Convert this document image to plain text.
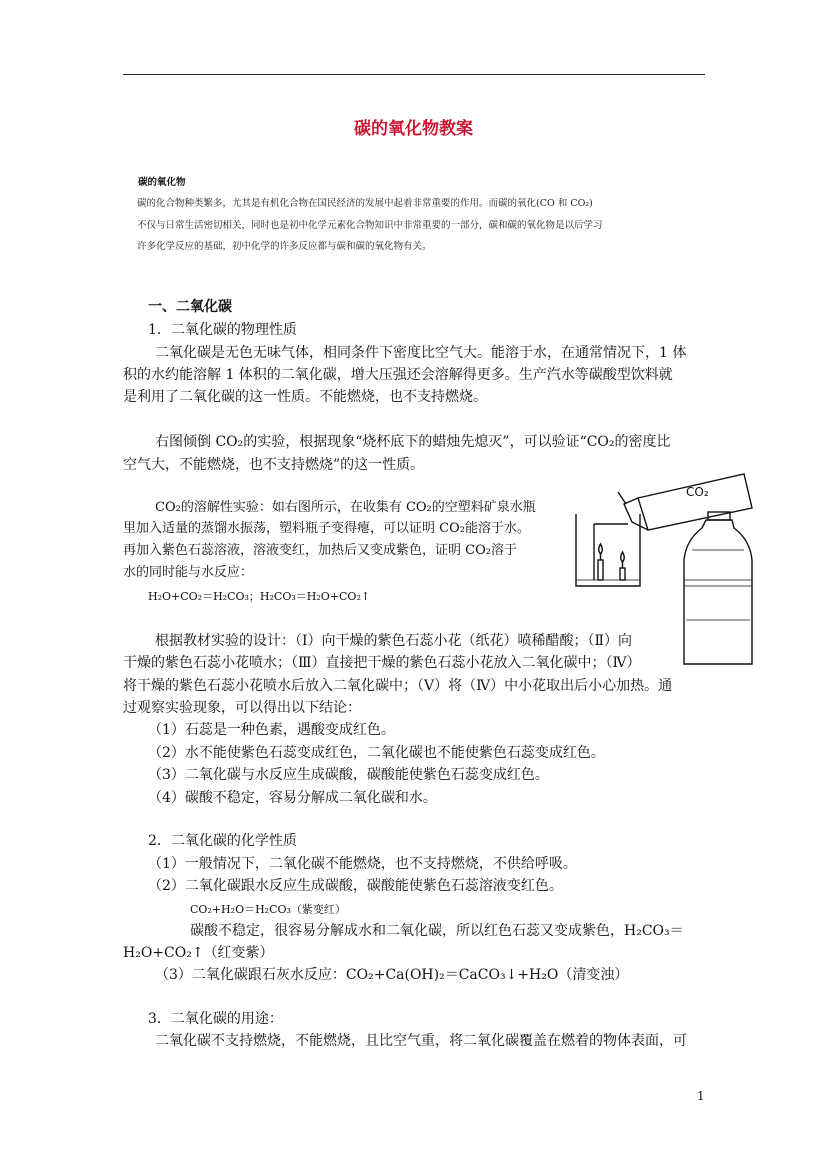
碳的氧化物教案
碳的氧化物
碳的化合物种类繁多，尤其是有机化合物在国民经济的发展中起着非常重要的作用。而碳的氧化(CO 和 CO₂)
不仅与日常生活密切相关，同时也是初中化学元素化合物知识中非常重要的一部分，碳和碳的氧化物是以后学习
许多化学反应的基础，初中化学的许多反应都与碳和碳的氧化物有关。
一、二氧化碳
1．二氧化碳的物理性质
二氧化碳是无色无味气体，相同条件下密度比空气大。能溶于水，在通常情况下，1 体
积的水约能溶解 1 体积的二氧化碳，增大压强还会溶解得更多。生产汽水等碳酸型饮料就
是利用了二氧化碳的这一性质。不能燃烧，也不支持燃烧。
右图倾倒 CO₂的实验，根据现象“烧杯底下的蜡烛先熄灭”，可以验证“CO₂的密度比
空气大，不能燃烧，也不支持燃烧”的这一性质。
CO₂的溶解性实验：如右图所示，在收集有 CO₂的空塑料矿泉水瓶
里加入适量的蒸馏水振荡，塑料瓶子变得瘪，可以证明 CO₂能溶于水。
再加入紫色石蕊溶液，溶液变红，加热后又变成紫色，证明 CO₂溶于
水的同时能与水反应：
H₂O+CO₂＝H₂CO₃；H₂CO₃＝H₂O+CO₂↑
根据教材实验的设计：（Ⅰ）向干燥的紫色石蕊小花（纸花）喷稀醋酸；（Ⅱ）向
干燥的紫色石蕊小花喷水；（Ⅲ）直接把干燥的紫色石蕊小花放入二氧化碳中；（Ⅳ）
将干燥的紫色石蕊小花喷水后放入二氧化碳中；（Ⅴ）将（Ⅳ）中小花取出后小心加热。通
过观察实验现象，可以得出以下结论：
（1）石蕊是一种色素，遇酸变成红色。
（2）水不能使紫色石蕊变成红色，二氧化碳也不能使紫色石蕊变成红色。
（3）二氧化碳与水反应生成碳酸，碳酸能使紫色石蕊变成红色。
（4）碳酸不稳定，容易分解成二氧化碳和水。
2．二氧化碳的化学性质
（1）一般情况下，二氧化碳不能燃烧，也不支持燃烧，不供给呼吸。
（2）二氧化碳跟水反应生成碳酸，碳酸能使紫色石蕊溶液变红色。
CO₂+H₂O＝H₂CO₃（紫变红）
碳酸不稳定，很容易分解成水和二氧化碳，所以红色石蕊又变成紫色，H₂CO₃＝
H₂O+CO₂↑（红变紫）
（3）二氧化碳跟石灰水反应：CO₂+Ca(OH)₂＝CaCO₃↓+H₂O（清变浊）
3．二氧化碳的用途：
二氧化碳不支持燃烧，不能燃烧，且比空气重，将二氧化碳覆盖在燃着的物体表面，可
1
CO₂
